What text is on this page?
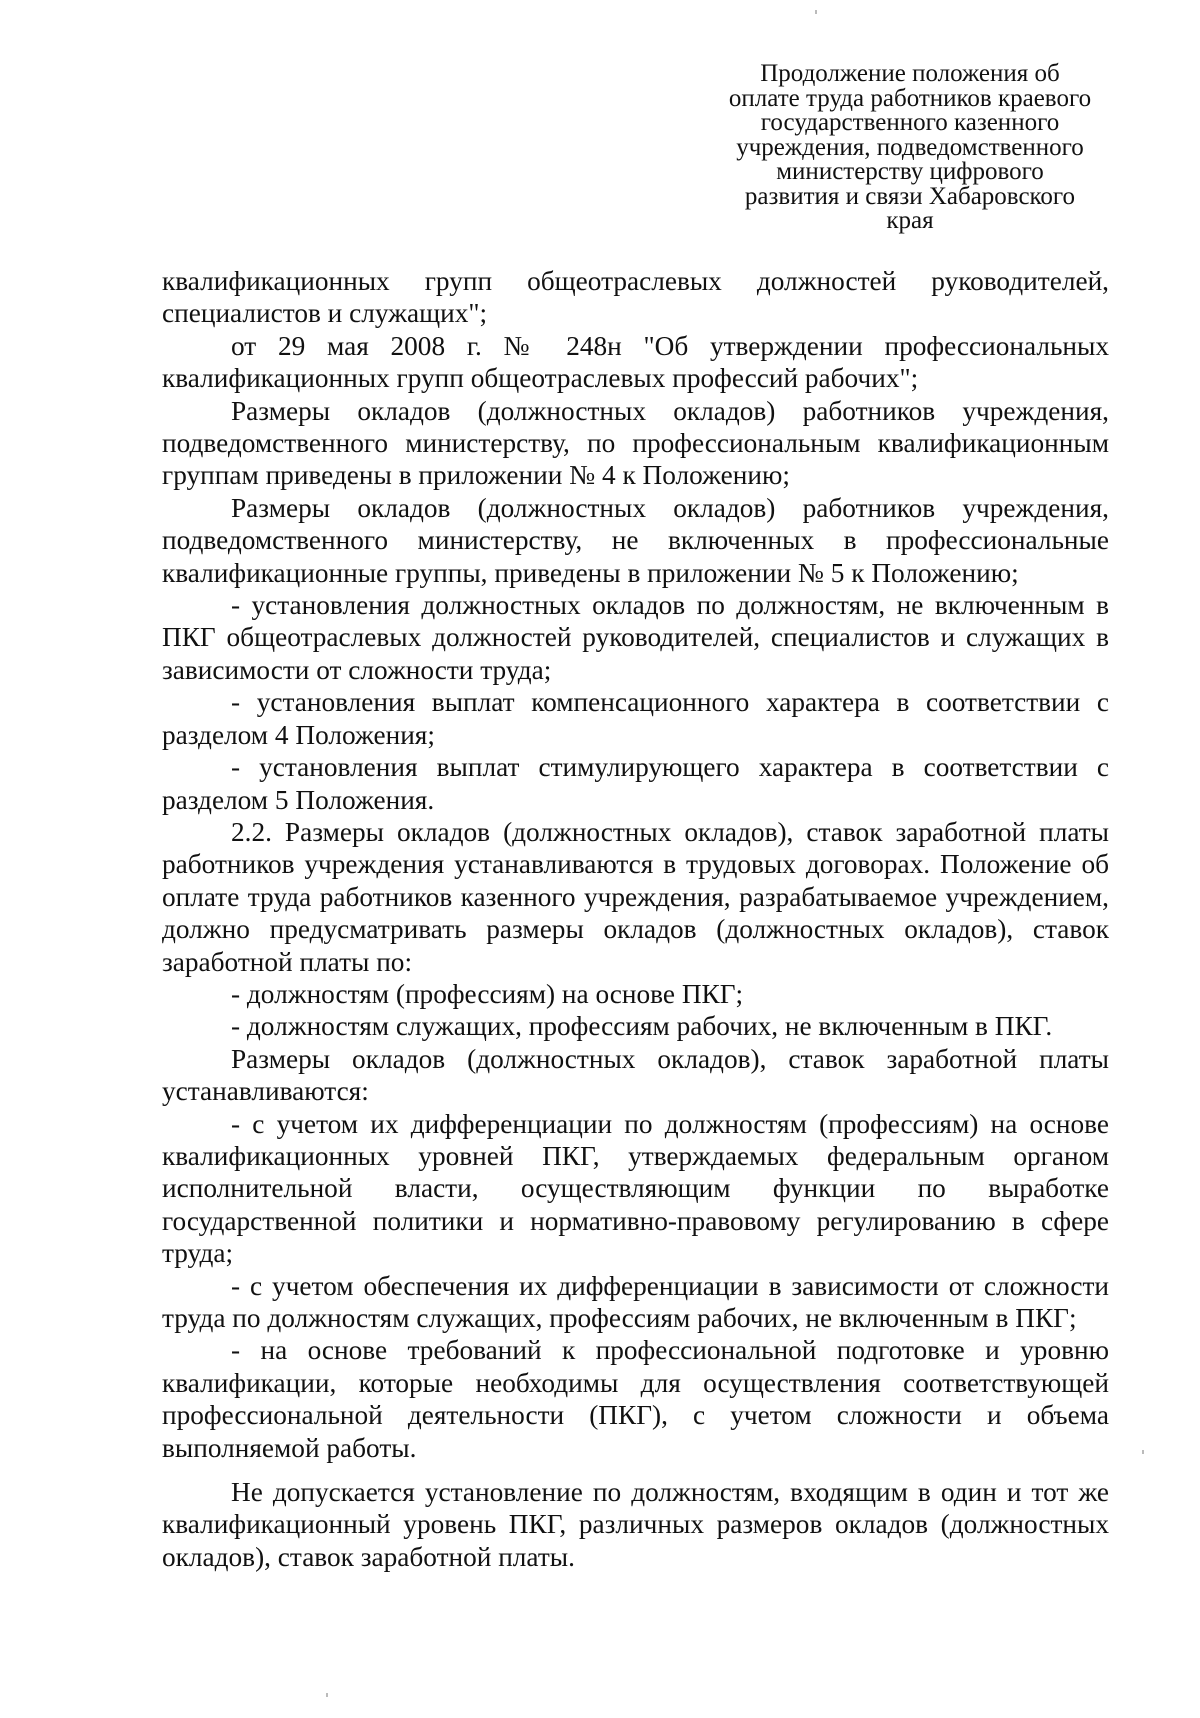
Продолжение положения об
оплате труда работников краевого
государственного казенного
учреждения, подведомственного
министерству цифрового
развития и связи Хабаровского
края

квалификационных групп общеотраслевых должностей руководителей, специалистов и служащих";

от 29 мая 2008 г. № 248н "Об утверждении профессиональных квалификационных групп общеотраслевых профессий рабочих";

Размеры окладов (должностных окладов) работников учреждения, подведомственного министерству, по профессиональным квалификационным группам приведены в приложении № 4 к Положению;

Размеры окладов (должностных окладов) работников учреждения, подведомственного министерству, не включенных в профессиональные квалификационные группы, приведены в приложении № 5 к Положению;

- установления должностных окладов по должностям, не включенным в ПКГ общеотраслевых должностей руководителей, специалистов и служащих в зависимости от сложности труда;

- установления выплат компенсационного характера в соответствии с разделом 4 Положения;

- установления выплат стимулирующего характера в соответствии с разделом 5 Положения.

2.2. Размеры окладов (должностных окладов), ставок заработной платы работников учреждения устанавливаются в трудовых договорах. Положение об оплате труда работников казенного учреждения, разрабатываемое учреждением, должно предусматривать размеры окладов (должностных окладов), ставок заработной платы по:

- должностям (профессиям) на основе ПКГ;

- должностям служащих, профессиям рабочих, не включенным в ПКГ.

Размеры окладов (должностных окладов), ставок заработной платы устанавливаются:

- с учетом их дифференциации по должностям (профессиям) на основе квалификационных уровней ПКГ, утверждаемых федеральным органом исполнительной власти, осуществляющим функции по выработке государственной политики и нормативно-правовому регулированию в сфере труда;

- с учетом обеспечения их дифференциации в зависимости от сложности труда по должностям служащих, профессиям рабочих, не включенным в ПКГ;

- на основе требований к профессиональной подготовке и уровню квалификации, которые необходимы для осуществления соответствующей профессиональной деятельности (ПКГ), с учетом сложности и объема выполняемой работы.

Не допускается установление по должностям, входящим в один и тот же квалификационный уровень ПКГ, различных размеров окладов (должностных окладов), ставок заработной платы.
